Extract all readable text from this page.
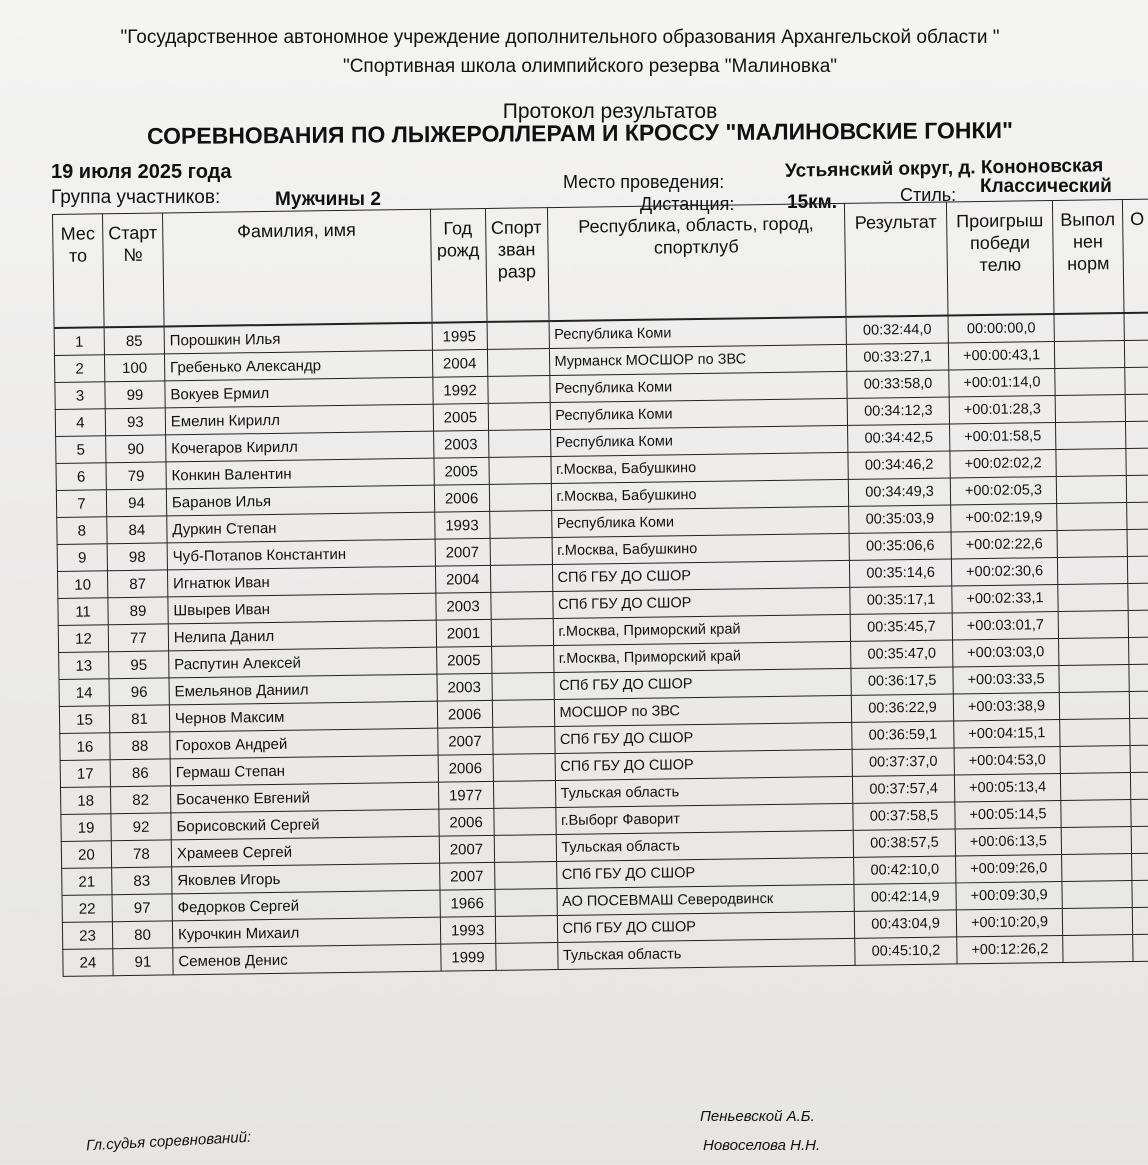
"Государственное автономное учреждение дополнительного образования Архангельской области "
"Спортивная школа олимпийского резерва "Малиновка"
Протокол результатов
СОРЕВНОВАНИЯ ПО ЛЫЖЕРОЛЛЕРАМ И КРОССУ "МАЛИНОВСКИЕ ГОНКИ"
19 июля 2025 года
Группа участников:	Мужчины 2
Место проведения:
Устьянский округ, д. Кононовская
Дистанция:	15км.	Стиль: Классический
Мес то	Старт №	Фамилия, имя	Год рожд	Спорт зван разр	Республика, область, город, спортклуб	Результат	Проигрыш победи телю	Выпол нен норм	О
1	85	Порошкин Илья	1995		Республика Коми	00:32:44,0	00:00:00,0		
2	100	Гребенько Александр	2004		Мурманск МОСШОР по ЗВС	00:33:27,1	+00:00:43,1		
3	99	Вокуев Ермил	1992		Республика Коми	00:33:58,0	+00:01:14,0		
4	93	Емелин Кирилл	2005		Республика Коми	00:34:12,3	+00:01:28,3		
5	90	Кочегаров Кирилл	2003		Республика Коми	00:34:42,5	+00:01:58,5		
6	79	Конкин Валентин	2005		г.Москва, Бабушкино	00:34:46,2	+00:02:02,2		
7	94	Баранов Илья	2006		г.Москва, Бабушкино	00:34:49,3	+00:02:05,3		
8	84	Дуркин Степан	1993		Республика Коми	00:35:03,9	+00:02:19,9		
9	98	Чуб-Потапов Константин	2007		г.Москва, Бабушкино	00:35:06,6	+00:02:22,6		
10	87	Игнатюк Иван	2004		СПб ГБУ ДО СШОР	00:35:14,6	+00:02:30,6		
11	89	Швырев Иван	2003		СПб ГБУ ДО СШОР	00:35:17,1	+00:02:33,1		
12	77	Нелипа Данил	2001		г.Москва, Приморский край	00:35:45,7	+00:03:01,7		
13	95	Распутин Алексей	2005		г.Москва, Приморский край	00:35:47,0	+00:03:03,0		
14	96	Емельянов Даниил	2003		СПб ГБУ ДО СШОР	00:36:17,5	+00:03:33,5		
15	81	Чернов Максим	2006		МОСШОР по ЗВС	00:36:22,9	+00:03:38,9		
16	88	Горохов Андрей	2007		СПб ГБУ ДО СШОР	00:36:59,1	+00:04:15,1		
17	86	Гермаш Степан	2006		СПб ГБУ ДО СШОР	00:37:37,0	+00:04:53,0		
18	82	Босаченко Евгений	1977		Тульская область	00:37:57,4	+00:05:13,4		
19	92	Борисовский Сергей	2006		г.Выборг Фаворит	00:37:58,5	+00:05:14,5		
20	78	Храмеев Сергей	2007		Тульская область	00:38:57,5	+00:06:13,5		
21	83	Яковлев Игорь	2007		СПб ГБУ ДО СШОР	00:42:10,0	+00:09:26,0		
22	97	Федорков Сергей	1966		АО ПОСЕВМАШ Северодвинск	00:42:14,9	+00:09:30,9		
23	80	Курочкин Михаил	1993		СПб ГБУ ДО СШОР	00:43:04,9	+00:10:20,9		
24	91	Семенов Денис	1999		Тульская область	00:45:10,2	+00:12:26,2		
Гл.судья соревнований:
Пеньевской А.Б.
Новоселова Н.Н.
